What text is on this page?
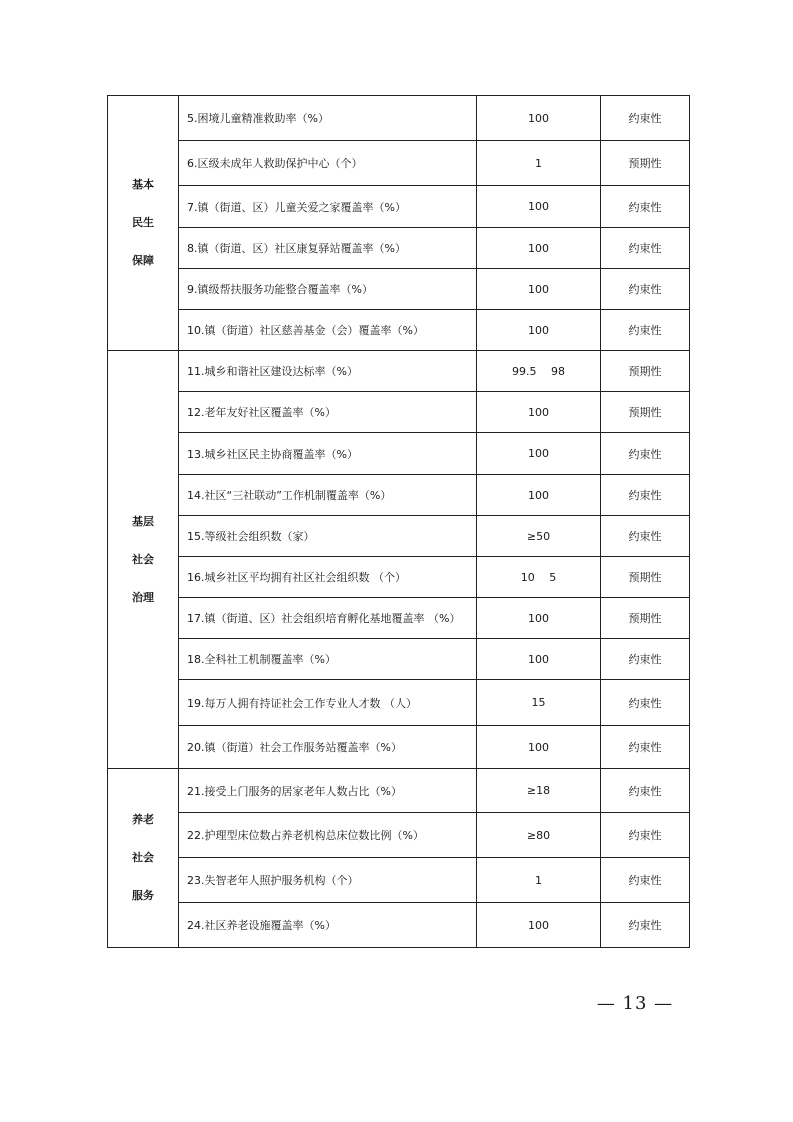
基本
民生
保障	5.困境儿童精准救助率（%）	100	约束性
	6.区级未成年人救助保护中心（个）	1	预期性
	7.镇（街道、区）儿童关爱之家覆盖率（%）	100	约束性
	8.镇（街道、区）社区康复驿站覆盖率（%）	100	约束性
	9.镇级帮扶服务功能整合覆盖率（%）	100	约束性
	10.镇（街道）社区慈善基金（会）覆盖率（%）	100	约束性

基层
社会
治理	11.城乡和谐社区建设达标率（%）	99.5　 98	预期性
	12.老年友好社区覆盖率（%）	100	预期性
	13.城乡社区民主协商覆盖率（%）	100	约束性
	14.社区“三社联动”工作机制覆盖率（%）	100	约束性
	15.等级社会组织数（家）	≥50	约束性
	16.城乡社区平均拥有社区社会组织数 （个）	10　 5	预期性
	17.镇（街道、区）社会组织培育孵化基地覆盖率 （%）	100	预期性
	18.全科社工机制覆盖率（%）	100	约束性
	19.每万人拥有持证社会工作专业人才数 （人）	15	约束性
	20.镇（街道）社会工作服务站覆盖率（%）	100	约束性

养老
社会
服务	21.接受上门服务的居家老年人数占比（%）	≥18	约束性
	22.护理型床位数占养老机构总床位数比例（%）	≥80	约束性
	23.失智老年人照护服务机构（个）	1	约束性
	24.社区养老设施覆盖率（%）	100	约束性
— 13 —
